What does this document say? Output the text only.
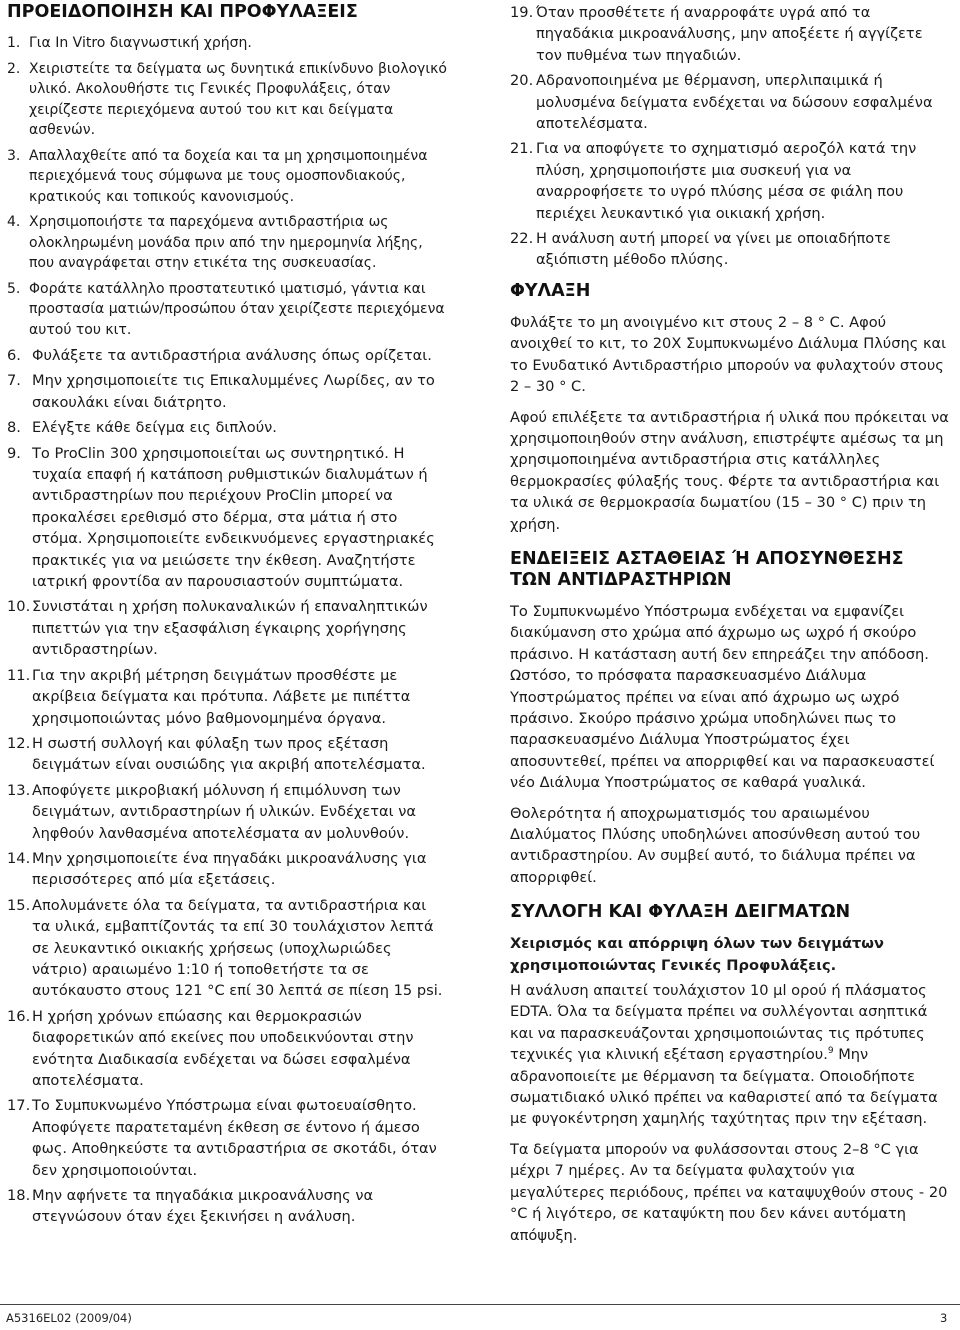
ΠΡΟΕΙΔΟΠΟΙΗΣΗ ΚΑΙ ΠΡΟΦΥΛΑΞΕΙΣ
1. Για In Vitro διαγνωστική χρήση.
2. Χειριστείτε τα δείγματα ως δυνητικά επικίνδυνο βιολογικό υλικό. Ακολουθήστε τις Γενικές Προφυλάξεις, όταν χειρίζεστε περιεχόμενα αυτού του κιτ και δείγματα ασθενών.
3. Απαλλαχθείτε από τα δοχεία και τα μη χρησιμοποιημένα περιεχόμενά τους σύμφωνα με τους ομοσπονδιακούς, κρατικούς και τοπικούς κανονισμούς.
4. Χρησιμοποιήστε τα παρεχόμενα αντιδραστήρια ως ολοκληρωμένη μονάδα πριν από την ημερομηνία λήξης, που αναγράφεται στην ετικέτα της συσκευασίας.
5. Φοράτε κατάλληλο προστατευτικό ιματισμό, γάντια και προστασία ματιών/προσώπου όταν χειρίζεστε περιεχόμενα αυτού του κιτ.
6. Φυλάξετε τα αντιδραστήρια ανάλυσης όπως ορίζεται.
7. Μην χρησιμοποιείτε τις Επικαλυμμένες Λωρίδες, αν το σακουλάκι είναι διάτρητο.
8. Ελέγξτε κάθε δείγμα εις διπλούν.
9. Το ProClin 300 χρησιμοποιείται ως συντηρητικό. Η τυχαία επαφή ή κατάποση ρυθμιστικών διαλυμάτων ή αντιδραστηρίων που περιέχουν ProClin μπορεί να προκαλέσει ερεθισμό στο δέρμα, στα μάτια ή στο στόμα. Χρησιμοποιείτε ενδεικνυόμενες εργαστηριακές πρακτικές για να μειώσετε την έκθεση. Αναζητήστε ιατρική φροντίδα αν παρουσιαστούν συμπτώματα.
10. Συνιστάται η χρήση πολυκαναλικών ή επαναληπτικών πιπεττών για την εξασφάλιση έγκαιρης χορήγησης αντιδραστηρίων.
11. Για την ακριβή μέτρηση δειγμάτων προσθέστε με ακρίβεια δείγματα και πρότυπα. Λάβετε με πιπέττα χρησιμοποιώντας μόνο βαθμονομημένα όργανα.
12. Η σωστή συλλογή και φύλαξη των προς εξέταση δειγμάτων είναι ουσιώδης για ακριβή αποτελέσματα.
13. Αποφύγετε μικροβιακή μόλυνση ή επιμόλυνση των δειγμάτων, αντιδραστηρίων ή υλικών. Ενδέχεται να ληφθούν λανθασμένα αποτελέσματα αν μολυνθούν.
14. Μην χρησιμοποιείτε ένα πηγαδάκι μικροανάλυσης για περισσότερες από μία εξετάσεις.
15. Απολυμάνετε όλα τα δείγματα, τα αντιδραστήρια και τα υλικά, εμβαπτίζοντάς τα επί 30 τουλάχιστον λεπτά σε λευκαντικό οικιακής χρήσεως (υποχλωριώδες νάτριο) αραιωμένο 1:10 ή τοποθετήστε τα σε αυτόκαυστο στους 121 °C επί 30 λεπτά σε πίεση 15 psi.
16. Η χρήση χρόνων επώασης και θερμοκρασιών διαφορετικών από εκείνες που υποδεικνύονται στην ενότητα Διαδικασία ενδέχεται να δώσει εσφαλμένα αποτελέσματα.
17. Το Συμπυκνωμένο Υπόστρωμα είναι φωτοευαίσθητο. Αποφύγετε παρατεταμένη έκθεση σε έντονο ή άμεσο φως. Αποθηκεύστε τα αντιδραστήρια σε σκοτάδι, όταν δεν χρησιμοποιούνται.
18. Μην αφήνετε τα πηγαδάκια μικροανάλυσης να στεγνώσουν όταν έχει ξεκινήσει η ανάλυση.
19. Όταν προσθέτετε ή αναρροφάτε υγρά από τα πηγαδάκια μικροανάλυσης, μην αποξέετε ή αγγίζετε τον πυθμένα των πηγαδιών.
20. Αδρανοποιημένα με θέρμανση, υπερλιπαιμικά ή μολυσμένα δείγματα ενδέχεται να δώσουν εσφαλμένα αποτελέσματα.
21. Για να αποφύγετε το σχηματισμό αεροζόλ κατά την πλύση, χρησιμοποιήστε μια συσκευή για να αναρροφήσετε το υγρό πλύσης μέσα σε φιάλη που περιέχει λευκαντικό για οικιακή χρήση.
22. Η ανάλυση αυτή μπορεί να γίνει με οποιαδήποτε αξιόπιστη μέθοδο πλύσης.
ΦΥΛΑΞΗ

Φυλάξτε το μη ανοιγμένο κιτ στους 2 – 8 ° C. Αφού ανοιχθεί το κιτ, το 20X Συμπυκνωμένο Διάλυμα Πλύσης και το Ενυδατικό Αντιδραστήριο μπορούν να φυλαχτούν στους 2 – 30 ° C.

Αφού επιλέξετε τα αντιδραστήρια ή υλικά που πρόκειται να χρησιμοποιηθούν στην ανάλυση, επιστρέψτε αμέσως τα μη χρησιμοποιημένα αντιδραστήρια στις κατάλληλες θερμοκρασίες φύλαξής τους. Φέρτε τα αντιδραστήρια και τα υλικά σε θερμοκρασία δωματίου (15 – 30 ° C) πριν τη χρήση.

ΕΝΔΕΙΞΕΙΣ ΑΣΤΑΘΕΙΑΣ Ή ΑΠΟΣΥΝΘΕΣΗΣ ΤΩΝ ΑΝΤΙΔΡΑΣΤΗΡΙΩΝ

Το Συμπυκνωμένο Υπόστρωμα ενδέχεται να εμφανίζει διακύμανση στο χρώμα από άχρωμο ως ωχρό ή σκούρο πράσινο. Η κατάσταση αυτή δεν επηρεάζει την απόδοση. Ωστόσο, το πρόσφατα παρασκευασμένο Διάλυμα Υποστρώματος πρέπει να είναι από άχρωμο ως ωχρό πράσινο. Σκούρο πράσινο χρώμα υποδηλώνει πως το παρασκευασμένο Διάλυμα Υποστρώματος έχει αποσυντεθεί, πρέπει να απορριφθεί και να παρασκευαστεί νέο Διάλυμα Υποστρώματος σε καθαρά γυαλικά.

Θολερότητα ή αποχρωματισμός του αραιωμένου Διαλύματος Πλύσης υποδηλώνει αποσύνθεση αυτού του αντιδραστηρίου. Αν συμβεί αυτό, το διάλυμα πρέπει να απορριφθεί.

ΣΥΛΛΟΓΗ ΚΑΙ ΦΥΛΑΞΗ ΔΕΙΓΜΑΤΩΝ
Χειρισμός και απόρριψη όλων των δειγμάτων χρησιμοποιώντας Γενικές Προφυλάξεις.

Η ανάλυση απαιτεί τουλάχιστον 10 μl ορού ή πλάσματος EDTA. Όλα τα δείγματα πρέπει να συλλέγονται ασηπτικά και να παρασκευάζονται χρησιμοποιώντας τις πρότυπες τεχνικές για κλινική εξέταση εργαστηρίου.$^9$ Μην αδρανοποιείτε με θέρμανση τα δείγματα. Οποιοδήποτε σωματιδιακό υλικό πρέπει να καθαριστεί από τα δείγματα με φυγοκέντρηση χαμηλής ταχύτητας πριν την εξέταση.

Τα δείγματα μπορούν να φυλάσσονται στους 2–8 °C για μέχρι 7 ημέρες. Αν τα δείγματα φυλαχτούν για μεγαλύτερες περιόδους, πρέπει να καταψυχθούν στους - 20 °C ή λιγότερο, σε καταψύκτη που δεν κάνει αυτόματη απόψυξη.

A5316EL02 (2009/04)	3
